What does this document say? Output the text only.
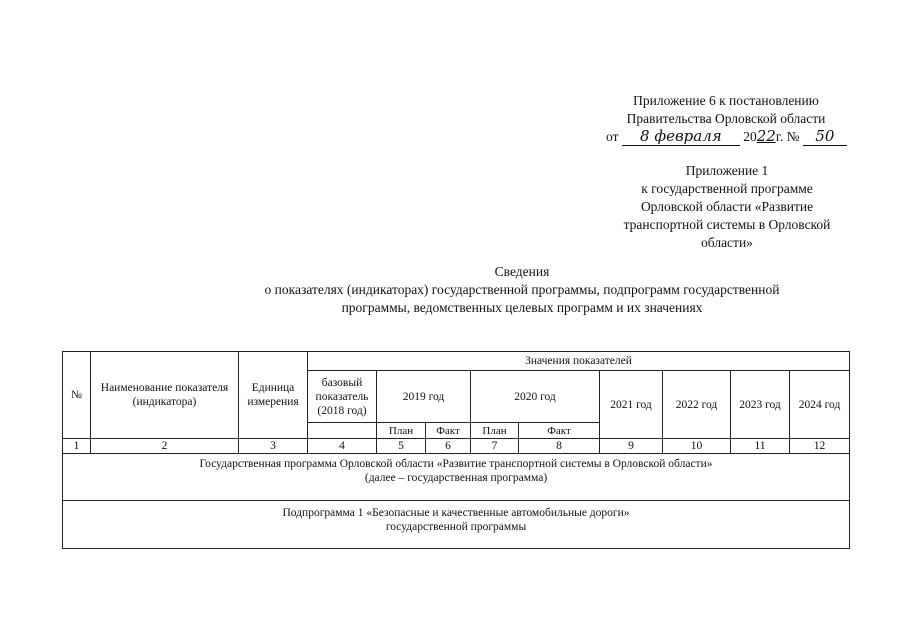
Приложение 6 к постановлению
Правительства Орловской области
от 8 февраля 2022г. № 50
Приложение 1
к государственной программе
Орловской области «Развитие
транспортной системы в Орловской
области»
Сведения
о показателях (индикаторах) государственной программы, подпрограмм государственной
программы, ведомственных целевых программ и их значениях
№	Наименование показателя (индикатора)	Единица измерения	Значения показателей								
			базовый показатель (2018 год)	2019 год		2020 год		2021 год	2022 год	2023 год	2024 год
				План	Факт	План	Факт				
1	2	3	4	5	6	7	8	9	10	11	12

Государственная программа Орловской области «Развитие транспортной системы в Орловской области»
(далее – государственная программа)											

Подпрограмма 1 «Безопасные и качественные автомобильные дороги»
государственной программы											
